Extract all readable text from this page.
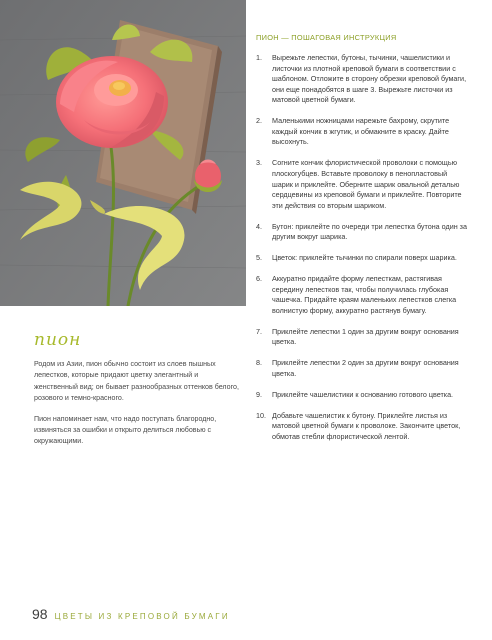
пион

Родом из Азии, пион обычно состоит из слоев пышных лепестков, которые придают цветку элегантный и женственный вид; он бывает разнообразных оттенков белого, розового и темно-красного.

Пион напоминает нам, что надо поступать благородно, извиняться за ошибки и открыто делиться любовью с окружающими.

ПИОН — ПОШАГОВАЯ ИНСТРУКЦИЯ
1.	Вырежьте лепестки, бутоны, тычинки, чашелистики и листочки из плотной креповой бумаги в соответствии с шаблоном. Отложите в сторону обрезки креповой бумаги, они еще понадобятся в шаге 3. Вырежьте листочки из матовой цветной бумаги.
2.	Маленькими ножницами нарежьте бахрому, скрутите каждый кончик в жгутик, и обмакните в краску. Дайте высохнуть.
3.	Согните кончик флористической проволоки с помощью плоскогубцев. Вставьте проволоку в пенопластовый шарик и приклейте. Оберните шарик овальной деталью сердцевины из креповой бумаги и приклейте. Повторите эти действия со вторым шариком.
4.	Бутон: приклейте по очереди три лепестка бутона один за другим вокруг шарика.
5.	Цветок: приклейте тычинки по спирали поверх шарика.
6.	Аккуратно придайте форму лепесткам, растягивая середину лепестков так, чтобы получилась глубокая чашечка. Придайте краям маленьких лепестков слегка волнистую форму, аккуратно растянув бумагу.
7.	Приклейте лепестки 1 один за другим вокруг основания цветка.
8.	Приклейте лепестки 2 один за другим вокруг основания цветка.
9.	Приклейте чашелистики к основанию готового цветка.
10. Добавьте чашелистик к бутону. Приклейте листья из матовой цветной бумаги к проволоке. Закончите цветок, обмотав стебли флористической лентой.
98 ЦВЕТЫ ИЗ КРЕПОВОЙ БУМАГИ
